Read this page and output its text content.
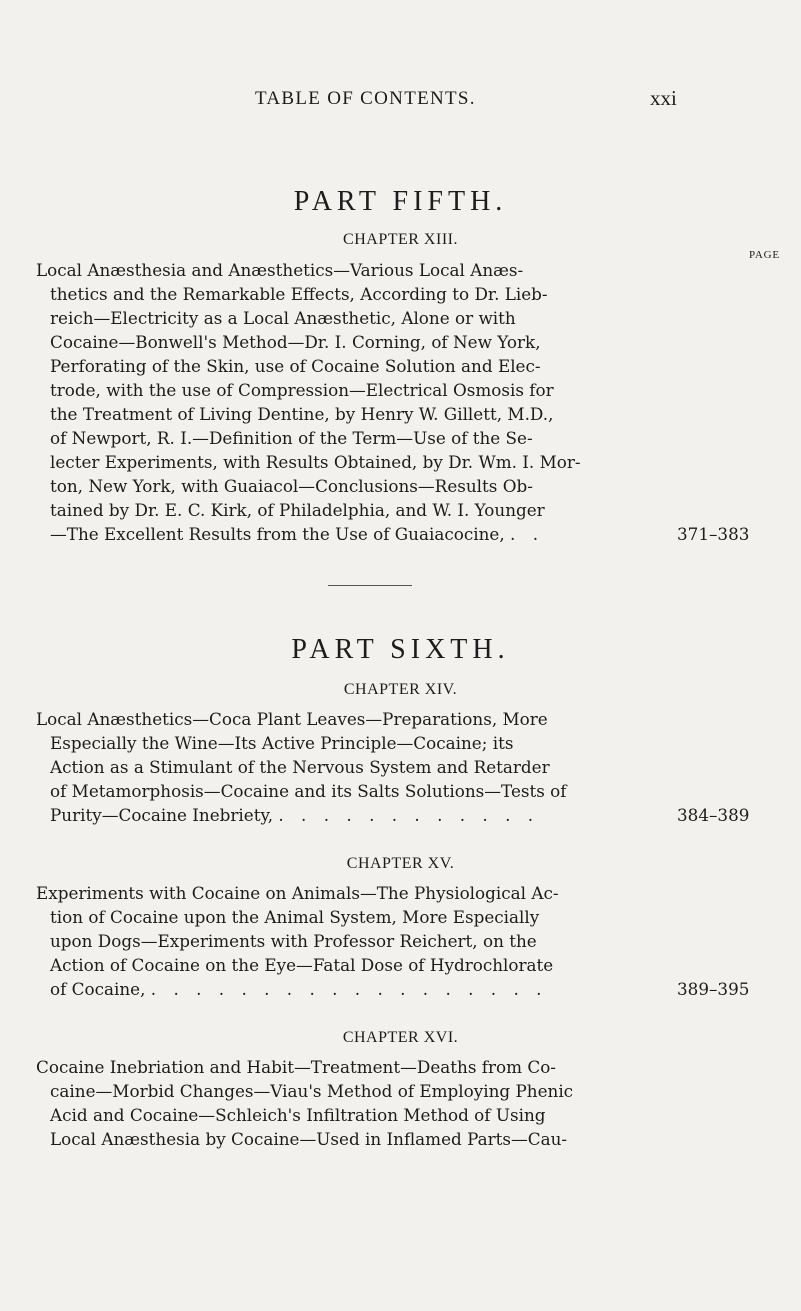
TABLE OF CONTENTS.	xxi
PART FIFTH.
CHAPTER XIII.
PAGE
Local Anæsthesia and Anæsthetics—Various Local Anæs-
thetics and the Remarkable Effects, According to Dr. Lieb-
reich—Electricity as a Local Anæsthetic, Alone or with
Cocaine—Bonwell's Method—Dr. I. Corning, of New York,
Perforating of the Skin, use of Cocaine Solution and Elec-
trode, with the use of Compression—Electrical Osmosis for
the Treatment of Living Dentine, by Henry W. Gillett, M.D.,
of Newport, R. I.—Definition of the Term—Use of the Se-
lecter Experiments, with Results Obtained, by Dr. Wm. I. Mor-
ton, New York, with Guaiacol—Conclusions—Results Ob-
tained by Dr. E. C. Kirk, of Philadelphia, and W. I. Younger
—The Excellent Results from the Use of Guaiacocine, . .	371–383
PART SIXTH.
CHAPTER XIV.
Local Anæsthetics—Coca Plant Leaves—Preparations, More
Especially the Wine—Its Active Principle—Cocaine; its
Action as a Stimulant of the Nervous System and Retarder
of Metamorphosis—Cocaine and its Salts Solutions—Tests of
Purity—Cocaine Inebriety, . . . . . . . . . . . .	384–389
CHAPTER XV.
Experiments with Cocaine on Animals—The Physiological Ac-
tion of Cocaine upon the Animal System, More Especially
upon Dogs—Experiments with Professor Reichert, on the
Action of Cocaine on the Eye—Fatal Dose of Hydrochlorate
of Cocaine, . . . . . . . . . . . . . . . . . .	389–395
CHAPTER XVI.
Cocaine Inebriation and Habit—Treatment—Deaths from Co-
caine—Morbid Changes—Viau's Method of Employing Phenic
Acid and Cocaine—Schleich's Infiltration Method of Using
Local Anæsthesia by Cocaine—Used in Inflamed Parts—Cau-
